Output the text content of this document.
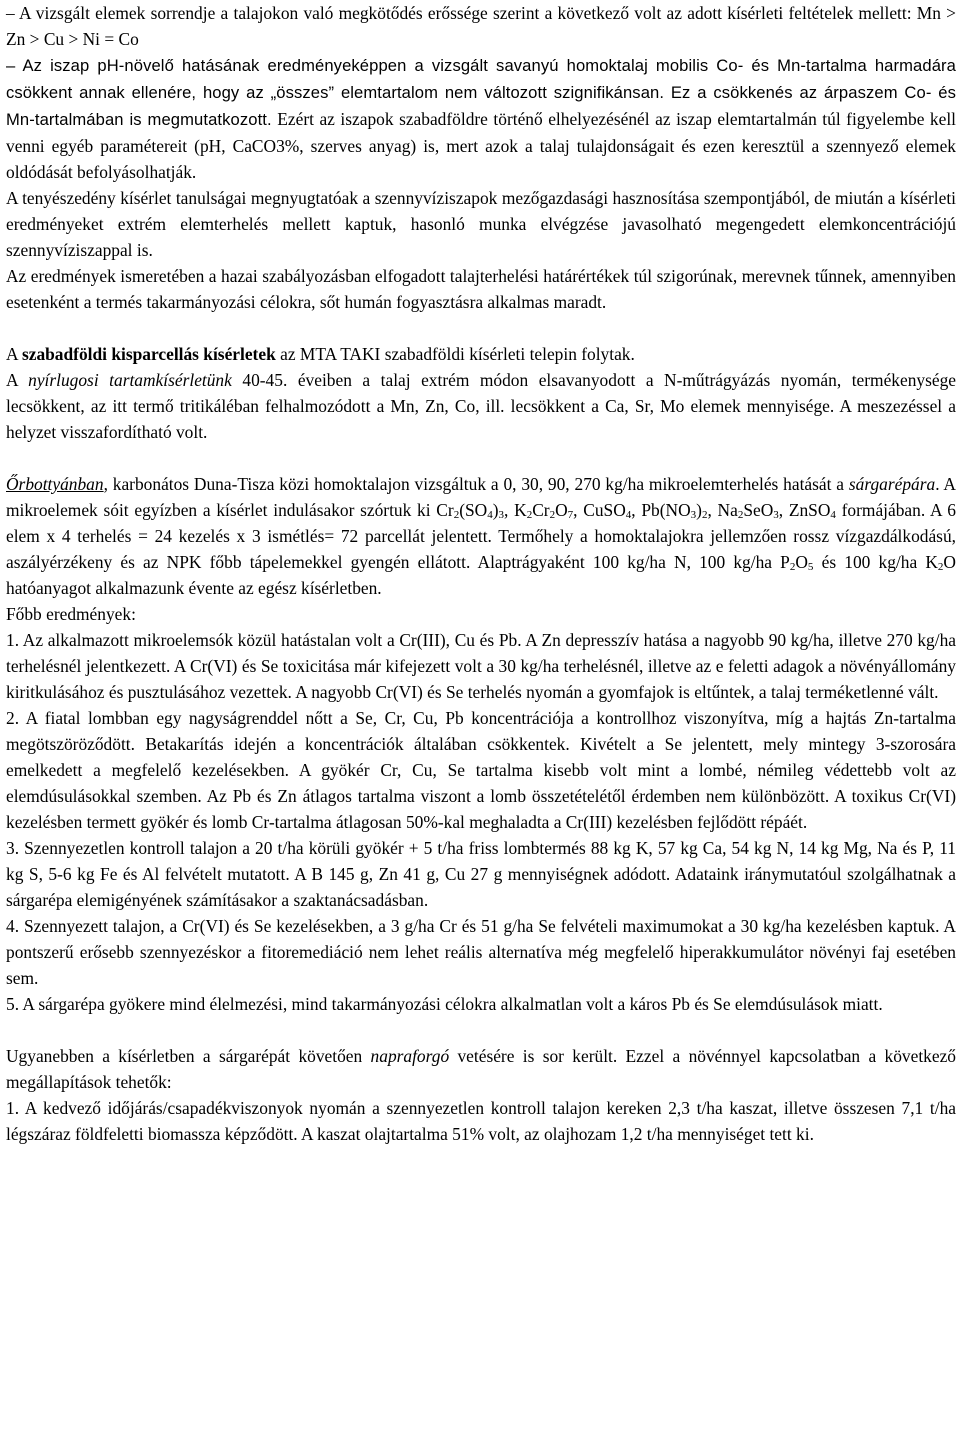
– A vizsgált elemek sorrendje a talajokon való megkötődés erőssége szerint a következő volt az adott kísérleti feltételek mellett: Mn > Zn > Cu > Ni = Co
– Az iszap pH-növelő hatásának eredményeképpen a vizsgált savanyú homoktalaj mobilis Co- és Mn-tartalma harmadára csökkent annak ellenére, hogy az „összes” elemtartalom nem változott szignifikánsan. Ez a csökkenés az árpaszem Co- és Mn-tartalmában is megmutatkozott. Ezért az iszapok szabadföldre történő elhelyezésénél az iszap elemtartalmán túl figyelembe kell venni egyéb paramétereit (pH, CaCO3%, szerves anyag) is, mert azok a talaj tulajdonságait és ezen keresztül a szennyező elemek oldódását befolyásolhatják.

A tenyészedény kísérlet tanulságai megnyugtatóak a szennyvíziszapok mezőgazdasági hasznosítása szempontjából, de miután a kísérleti eredményeket extrém elemterhelés mellett kaptuk, hasonló munka elvégzése javasolható megengedett elemkoncentrációjú szennyvíziszappal is.

Az eredmények ismeretében a hazai szabályozásban elfogadott talajterhelési határértékek túl szigorúnak, merevnek tűnnek, amennyiben esetenként a termés takarmányozási célokra, sőt humán fogyasztásra alkalmas maradt.

A szabadföldi kisparcellás kísérletek az MTA TAKI szabadföldi kísérleti telepin folytak.

A nyírlugosi tartamkísérletünk 40-45. éveiben a talaj extrém módon elsavanyodott a N-műtrágyázás nyomán, termékenysége lecsökkent, az itt termő tritikáléban felhalmozódott a Mn, Zn, Co, ill. lecsökkent a Ca, Sr, Mo elemek mennyisége. A meszezéssel a helyzet visszafordítható volt.

Őrbottyánban, karbonátos Duna-Tisza közi homoktalajon vizsgáltuk a 0, 30, 90, 270 kg/ha mikroelemterhelés hatását a sárgarépára. A mikroelemek sóit egyízben a kísérlet indulásakor szórtuk ki $Cr_2(SO_4)_3$, $K_2Cr_2O_7$, CuSO$_4$, $Pb(NO_3)_2$, $Na_2SeO_3$, ZnSO$_4$ formájában. A 6 elem x 4 terhelés = 24 kezelés x 3 ismétlés= 72 parcellát jelentett. Termőhely a homoktalajokra jellemzően rossz vízgazdálkodású, aszályérzékeny és az NPK főbb tápelemekkel gyengén ellátott. Alaptrágyaként 100 kg/ha N, 100 kg/ha $P_2O_5$ és 100 kg/ha $K_2O$ hatóanyagot alkalmazunk évente az egész kísérletben.

Főbb eredmények:

1. Az alkalmazott mikroelemsók közül hatástalan volt a Cr(III), Cu és Pb. A Zn depresszív hatása a nagyobb 90 kg/ha, illetve 270 kg/ha terhelésnél jelentkezett. A Cr(VI) és Se toxicitása már kifejezett volt a 30 kg/ha terhelésnél, illetve az e feletti adagok a növényállomány kiritkulásához és pusztulásához vezettek. A nagyobb Cr(VI) és Se terhelés nyomán a gyomfajok is eltűntek, a talaj terméketlenné vált.

2. A fiatal lombban egy nagyságrenddel nőtt a Se, Cr, Cu, Pb koncentrációja a kontrollhoz viszonyítva, míg a hajtás Zn-tartalma megötszöröződött. Betakarítás idején a koncentrációk általában csökkentek. Kivételt a Se jelentett, mely mintegy 3-szorosára emelkedett a megfelelő kezelésekben. A gyökér Cr, Cu, Se tartalma kisebb volt mint a lombé, némileg védettebb volt az elemdúsulásokkal szemben. Az Pb és Zn átlagos tartalma viszont a lomb összetételétől érdemben nem különbözött. A toxikus Cr(VI) kezelésben termett gyökér és lomb Cr-tartalma átlagosan 50%-kal meghaladta a Cr(III) kezelésben fejlődött répáét.

3. Szennyezetlen kontroll talajon a 20 t/ha körüli gyökér + 5 t/ha friss lombtermés 88 kg K, 57 kg Ca, 54 kg N, 14 kg Mg, Na és P, 11 kg S, 5-6 kg Fe és Al felvételt mutatott. A B 145 g, Zn 41 g, Cu 27 g mennyiségnek adódott. Adataink iránymutatóul szolgálhatnak a sárgarépa elemigényének számításakor a szaktanácsadásban.

4. Szennyezett talajon, a Cr(VI) és Se kezelésekben, a 3 g/ha Cr és 51 g/ha Se felvételi maximumokat a 30 kg/ha kezelésben kaptuk. A pontszerű erősebb szennyezéskor a fitoremediáció nem lehet reális alternatíva még megfelelő hiperakkumulátor növényi faj esetében sem.

5. A sárgarépa gyökere mind élelmezési, mind takarmányozási célokra alkalmatlan volt a káros Pb és Se elemdúsulások miatt.

Ugyanebben a kísérletben a sárgarépát követően napraforgó vetésére is sor került. Ezzel a növénnyel kapcsolatban a következő megállapítások tehetők:

1. A kedvező időjárás/csapadékviszonyok nyomán a szennyezetlen kontroll talajon kereken 2,3 t/ha kaszat, illetve összesen 7,1 t/ha légszáraz földfeletti biomassza képződött. A kaszat olajtartalma 51% volt, az olajhozam 1,2 t/ha mennyiséget tett ki.
